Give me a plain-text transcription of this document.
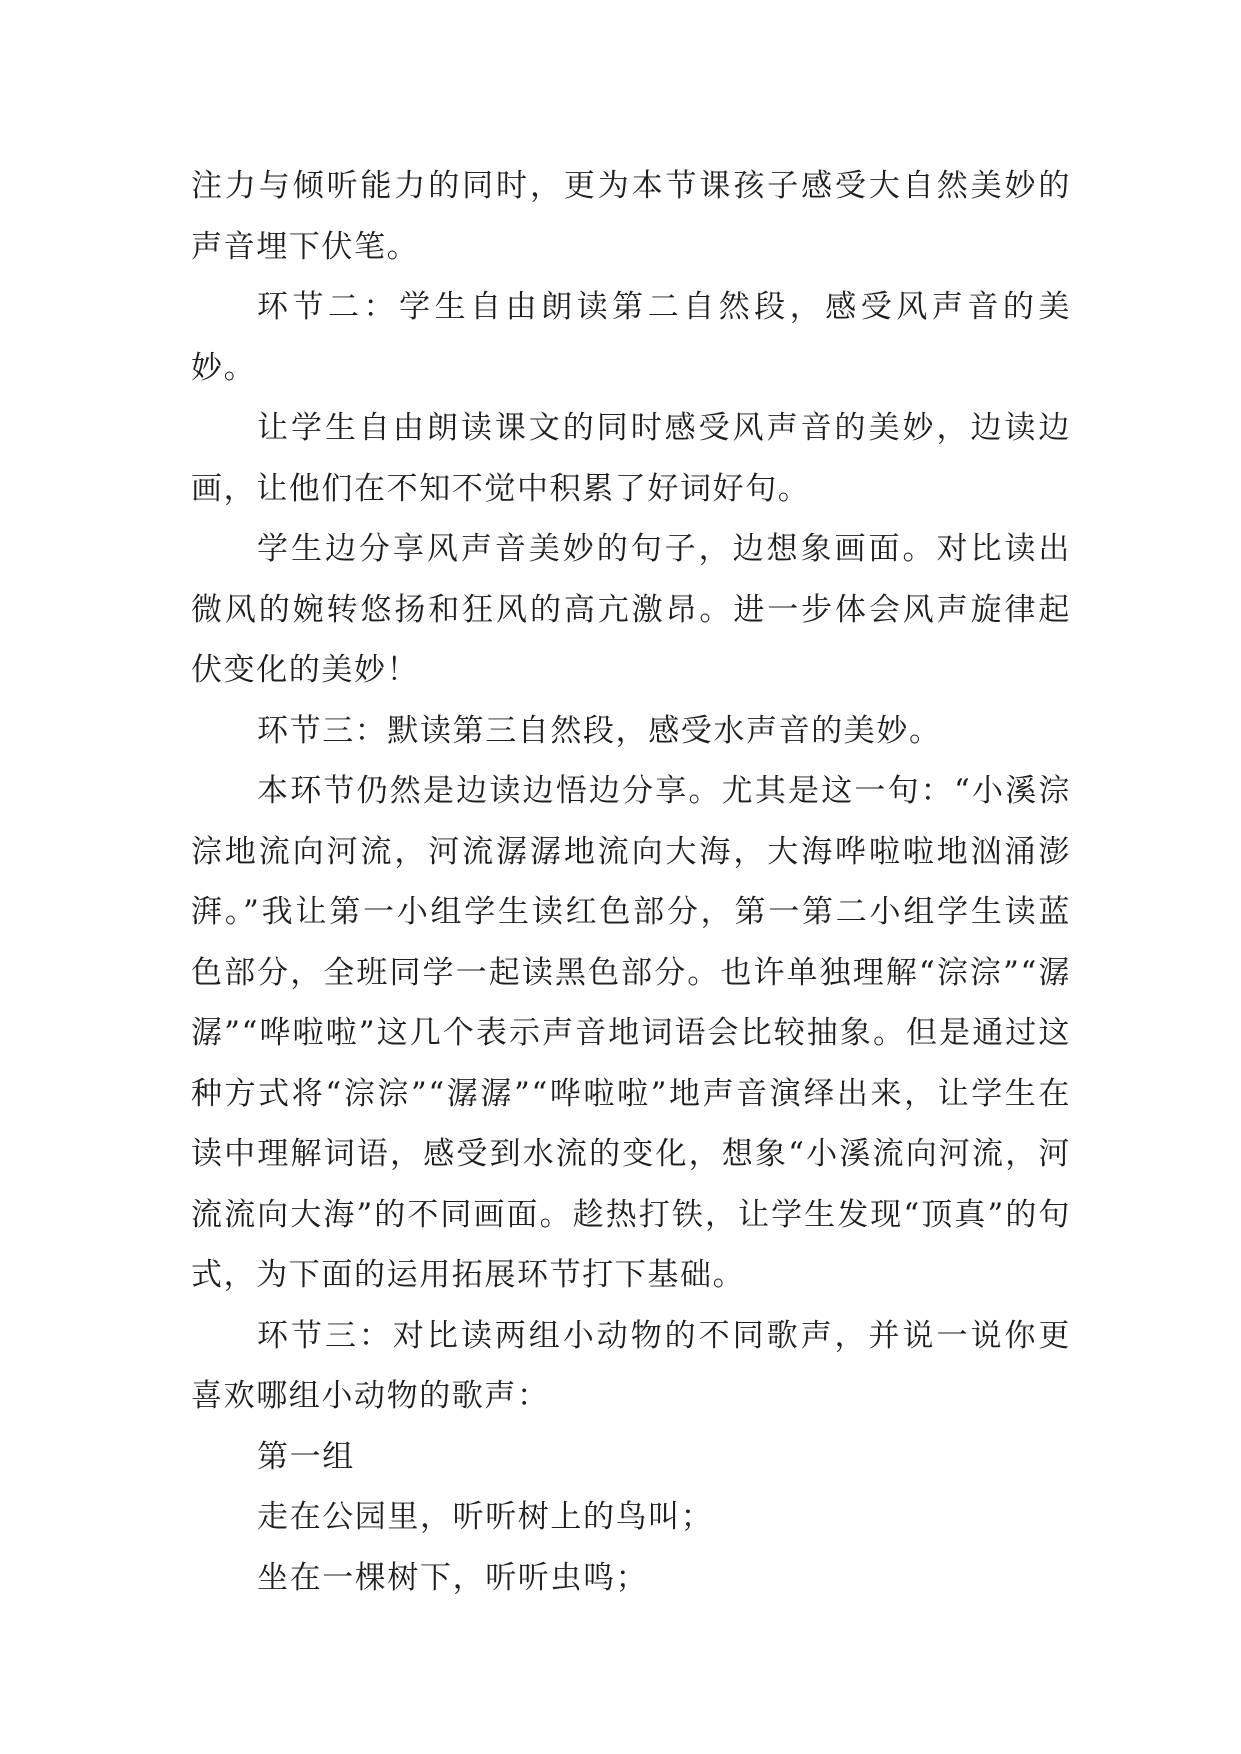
注力与倾听能力的同时，更为本节课孩子感受大自然美妙的声音埋下伏笔。

环节二：学生自由朗读第二自然段，感受风声音的美妙。

让学生自由朗读课文的同时感受风声音的美妙，边读边画，让他们在不知不觉中积累了好词好句。

学生边分享风声音美妙的句子，边想象画面。对比读出微风的婉转悠扬和狂风的高亢激昂。进一步体会风声旋律起伏变化的美妙！

环节三：默读第三自然段，感受水声音的美妙。

本环节仍然是边读边悟边分享。尤其是这一句：“小溪淙淙地流向河流，河流潺潺地流向大海，大海哗啦啦地汹涌澎湃。”我让第一小组学生读红色部分，第一第二小组学生读蓝色部分，全班同学一起读黑色部分。也许单独理解“淙淙”“潺潺”“哗啦啦”这几个表示声音地词语会比较抽象。但是通过这种方式将“淙淙”“潺潺”“哗啦啦”地声音演绎出来，让学生在读中理解词语，感受到水流的变化，想象“小溪流向河流，河流流向大海”的不同画面。趁热打铁，让学生发现“顶真”的句式，为下面的运用拓展环节打下基础。

环节三：对比读两组小动物的不同歌声，并说一说你更喜欢哪组小动物的歌声：

第一组

走在公园里，听听树上的鸟叫；

坐在一棵树下，听听虫鸣；
